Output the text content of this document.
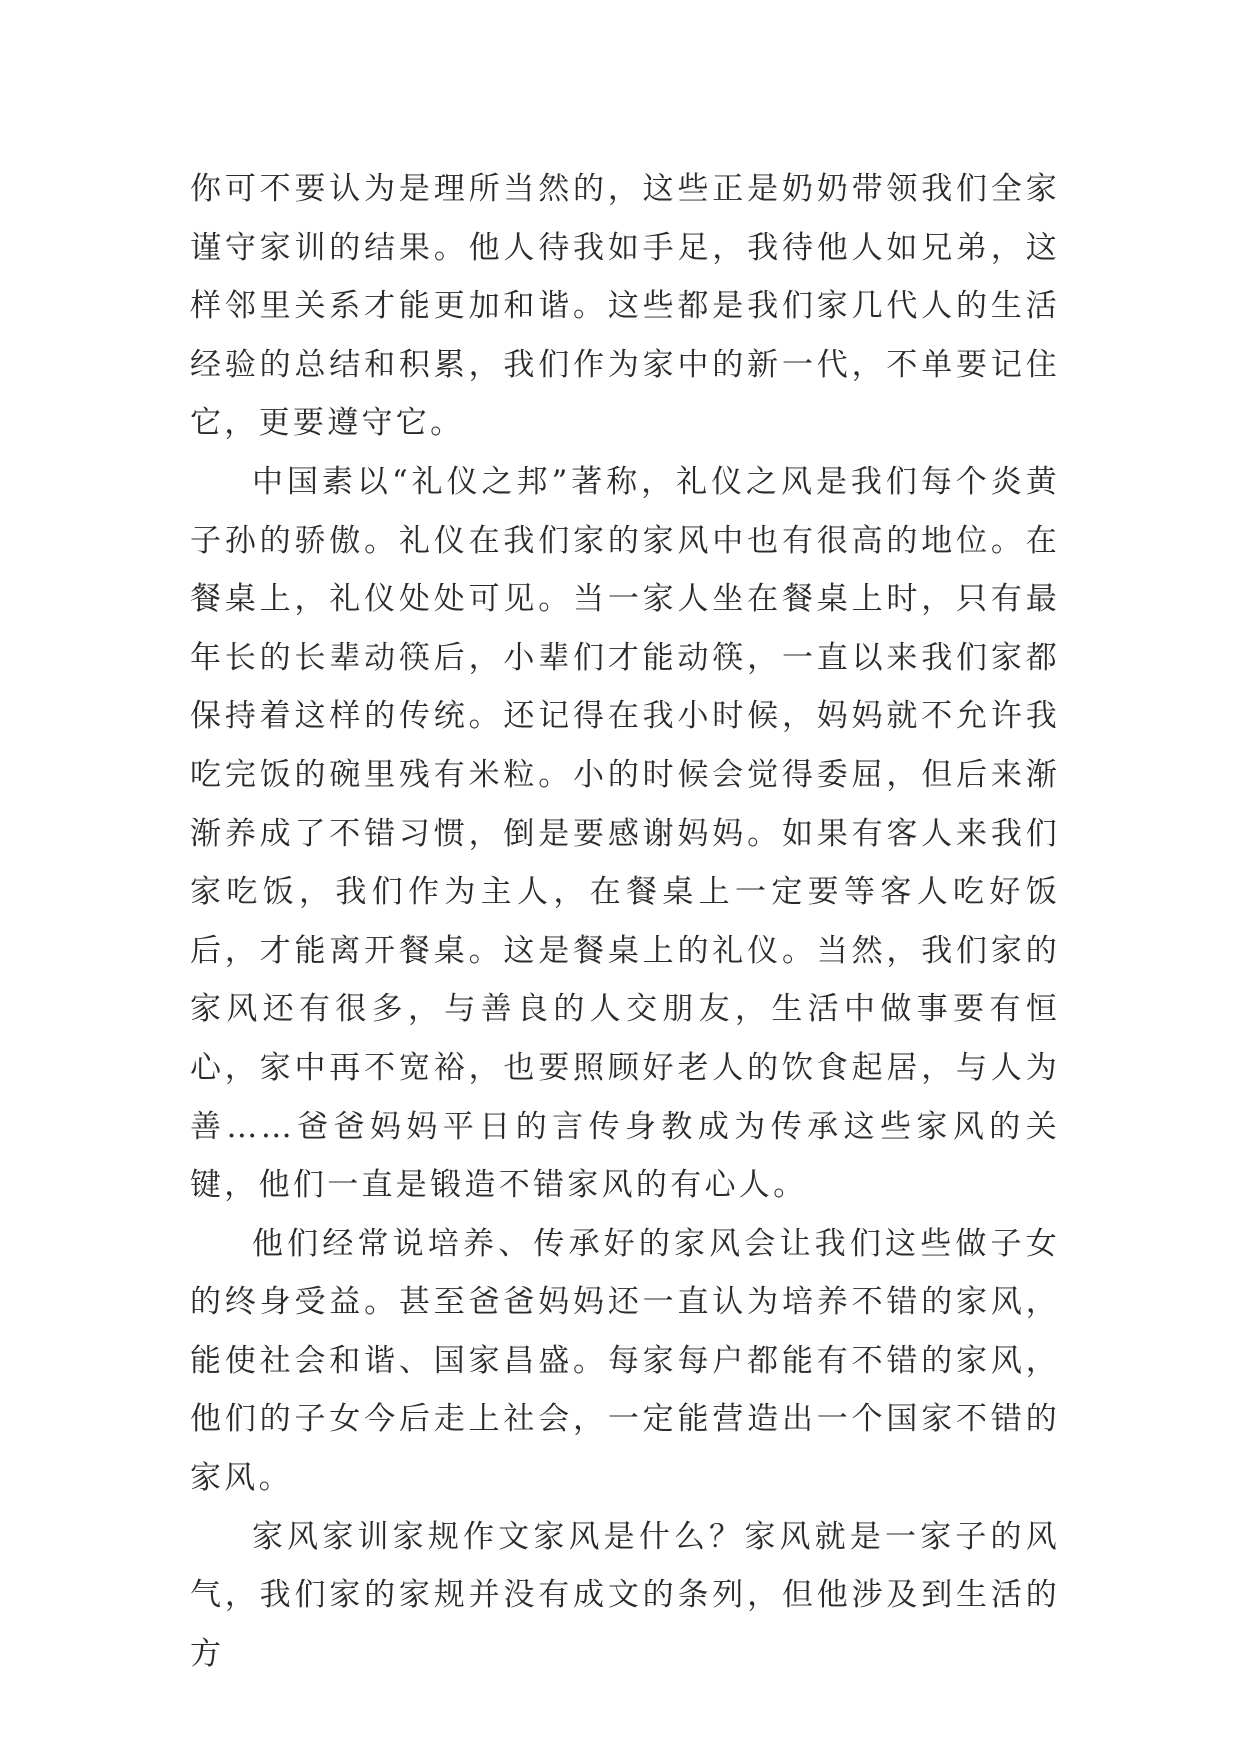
你可不要认为是理所当然的，这些正是奶奶带领我们全家谨守家训的结果。他人待我如手足，我待他人如兄弟，这样邻里关系才能更加和谐。这些都是我们家几代人的生活经验的总结和积累，我们作为家中的新一代，不单要记住它，更要遵守它。

中国素以“礼仪之邦”著称，礼仪之风是我们每个炎黄子孙的骄傲。礼仪在我们家的家风中也有很高的地位。在餐桌上，礼仪处处可见。当一家人坐在餐桌上时，只有最年长的长辈动筷后，小辈们才能动筷，一直以来我们家都保持着这样的传统。还记得在我小时候，妈妈就不允许我吃完饭的碗里残有米粒。小的时候会觉得委屈，但后来渐渐养成了不错习惯，倒是要感谢妈妈。如果有客人来我们家吃饭，我们作为主人，在餐桌上一定要等客人吃好饭后，才能离开餐桌。这是餐桌上的礼仪。当然，我们家的家风还有很多，与善良的人交朋友，生活中做事要有恒心，家中再不宽裕，也要照顾好老人的饮食起居，与人为善……爸爸妈妈平日的言传身教成为传承这些家风的关键，他们一直是锻造不错家风的有心人。

他们经常说培养、传承好的家风会让我们这些做子女的终身受益。甚至爸爸妈妈还一直认为培养不错的家风，能使社会和谐、国家昌盛。每家每户都能有不错的家风，他们的子女今后走上社会，一定能营造出一个国家不错的家风。

家风家训家规作文家风是什么？家风就是一家子的风气，我们家的家规并没有成文的条列，但他涉及到生活的方
